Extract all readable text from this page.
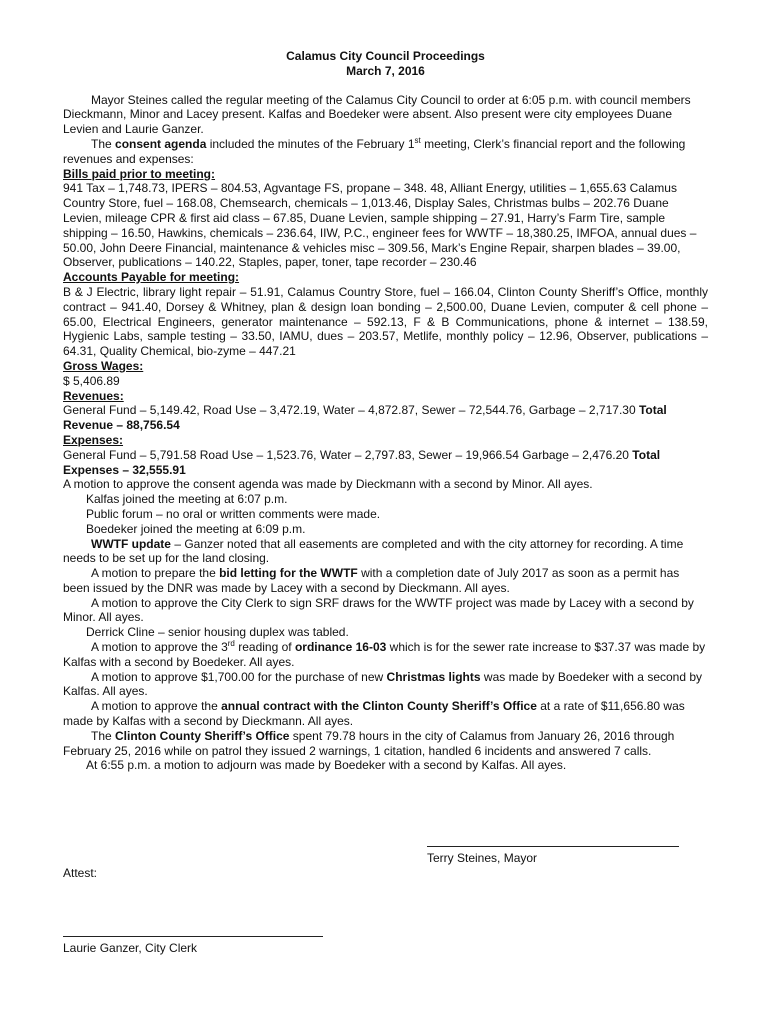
Calamus City Council Proceedings

March 7, 2016

Mayor Steines called the regular meeting of the Calamus City Council to order at 6:05 p.m. with council members Dieckmann, Minor and Lacey present. Kalfas and Boedeker were absent. Also present were city employees Duane Levien and Laurie Ganzer.

The consent agenda included the minutes of the February 1st meeting, Clerk’s financial report and the following revenues and expenses:

Bills paid prior to meeting:

941 Tax – 1,748.73, IPERS – 804.53, Agvantage FS, propane – 348. 48, Alliant Energy, utilities – 1,655.63 Calamus Country Store, fuel – 168.08, Chemsearch, chemicals – 1,013.46, Display Sales, Christmas bulbs – 202.76 Duane Levien, mileage CPR & first aid class – 67.85, Duane Levien, sample shipping – 27.91, Harry’s Farm Tire, sample shipping – 16.50, Hawkins, chemicals – 236.64, IIW, P.C., engineer fees for WWTF – 18,380.25, IMFOA, annual dues – 50.00, John Deere Financial, maintenance & vehicles misc – 309.56, Mark’s Engine Repair, sharpen blades – 39.00, Observer, publications – 140.22, Staples, paper, toner, tape recorder – 230.46

Accounts Payable for meeting:

B & J Electric, library light repair – 51.91, Calamus Country Store, fuel – 166.04, Clinton County Sheriff’s Office, monthly contract – 941.40, Dorsey & Whitney, plan & design loan bonding – 2,500.00, Duane Levien, computer & cell phone – 65.00, Electrical Engineers, generator maintenance – 592.13, F & B Communications, phone & internet – 138.59, Hygienic Labs, sample testing – 33.50, IAMU, dues – 203.57, Metlife, monthly policy – 12.96, Observer, publications – 64.31, Quality Chemical, bio-zyme – 447.21

Gross Wages:

$ 5,406.89

Revenues:

General Fund – 5,149.42, Road Use – 3,472.19, Water – 4,872.87, Sewer – 72,544.76, Garbage – 2,717.30 Total Revenue – 88,756.54

Expenses:

General Fund – 5,791.58 Road Use – 1,523.76, Water – 2,797.83, Sewer – 19,966.54 Garbage – 2,476.20 Total Expenses – 32,555.91

A motion to approve the consent agenda was made by Dieckmann with a second by Minor. All ayes.

Kalfas joined the meeting at 6:07 p.m.

Public forum – no oral or written comments were made.

Boedeker joined the meeting at 6:09 p.m.

WWTF update – Ganzer noted that all easements are completed and with the city attorney for recording. A time needs to be set up for the land closing.

A motion to prepare the bid letting for the WWTF with a completion date of July 2017 as soon as a permit has been issued by the DNR was made by Lacey with a second by Dieckmann. All ayes.

A motion to approve the City Clerk to sign SRF draws for the WWTF project was made by Lacey with a second by Minor. All ayes.

Derrick Cline – senior housing duplex was tabled.

A motion to approve the 3rd reading of ordinance 16-03 which is for the sewer rate increase to $37.37 was made by Kalfas with a second by Boedeker. All ayes.

A motion to approve $1,700.00 for the purchase of new Christmas lights was made by Boedeker with a second by Kalfas. All ayes.

A motion to approve the annual contract with the Clinton County Sheriff’s Office at a rate of $11,656.80 was made by Kalfas with a second by Dieckmann. All ayes.

The Clinton County Sheriff’s Office spent 79.78 hours in the city of Calamus from January 26, 2016 through February 25, 2016 while on patrol they issued 2 warnings, 1 citation, handled 6 incidents and answered 7 calls.

At 6:55 p.m. a motion to adjourn was made by Boedeker with a second by Kalfas. All ayes.

Terry Steines, Mayor
Attest:
Laurie Ganzer, City Clerk
